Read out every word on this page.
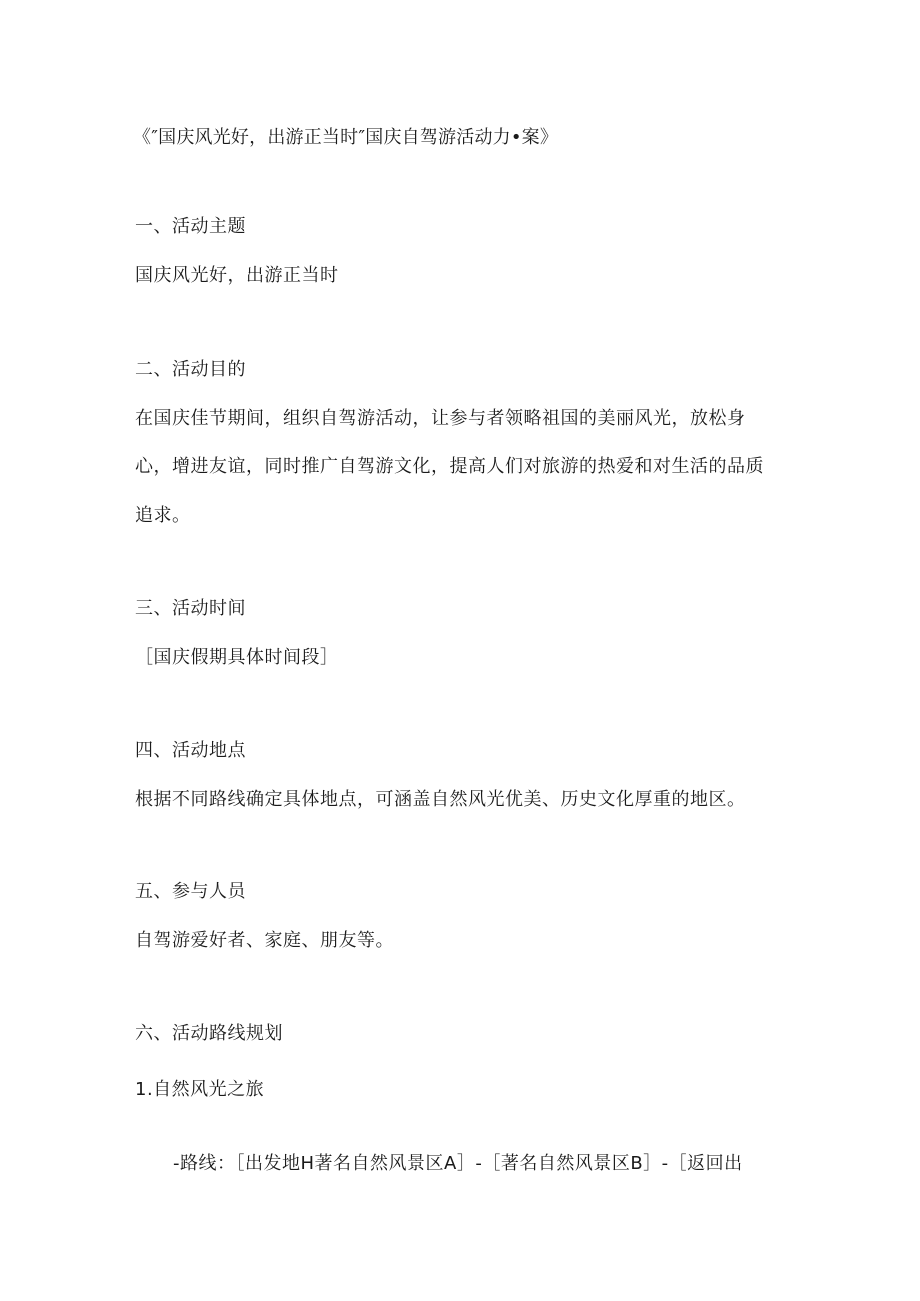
《″国庆风光好，出游正当时″国庆自驾游活动力•案》
一、活动主题
国庆风光好，出游正当时
二、活动目的
在国庆佳节期间，组织自驾游活动，让参与者领略祖国的美丽风光，放松身
心，增进友谊，同时推广自驾游文化，提高人们对旅游的热爱和对生活的品质
追求。
三、活动时间
［国庆假期具体时间段］
四、活动地点
根据不同路线确定具体地点，可涵盖自然风光优美、历史文化厚重的地区。
五、参与人员
自驾游爱好者、家庭、朋友等。
六、活动路线规划
1.自然风光之旅
-路线：［出发地H著名自然风景区A］-［著名自然风景区B］-［返回出
